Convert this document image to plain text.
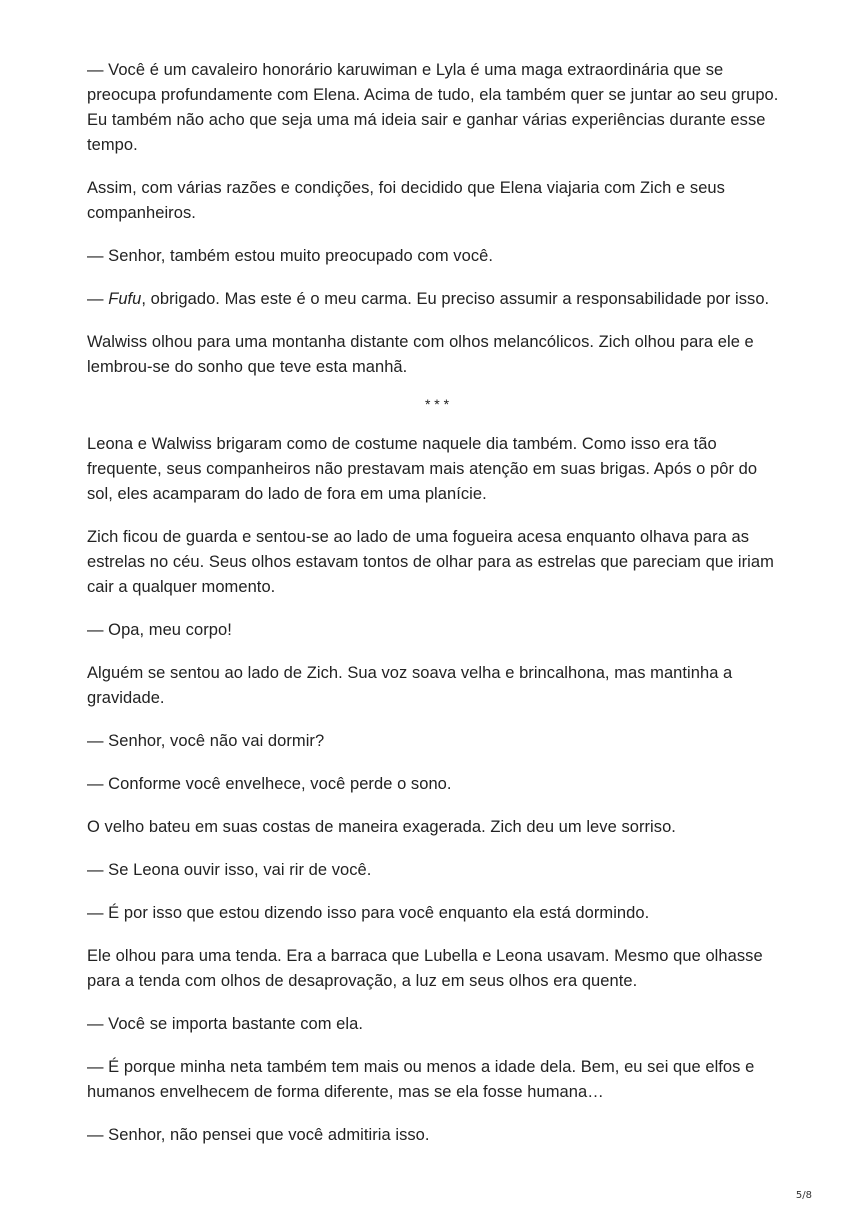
— Você é um cavaleiro honorário karuwiman e Lyla é uma maga extraordinária que se preocupa profundamente com Elena. Acima de tudo, ela também quer se juntar ao seu grupo. Eu também não acho que seja uma má ideia sair e ganhar várias experiências durante esse tempo.

Assim, com várias razões e condições, foi decidido que Elena viajaria com Zich e seus companheiros.

— Senhor, também estou muito preocupado com você.

— Fufu, obrigado. Mas este é o meu carma. Eu preciso assumir a responsabilidade por isso.

Walwiss olhou para uma montanha distante com olhos melancólicos. Zich olhou para ele e lembrou-se do sonho que teve esta manhã.

* * *

Leona e Walwiss brigaram como de costume naquele dia também. Como isso era tão frequente, seus companheiros não prestavam mais atenção em suas brigas. Após o pôr do sol, eles acamparam do lado de fora em uma planície.

Zich ficou de guarda e sentou-se ao lado de uma fogueira acesa enquanto olhava para as estrelas no céu. Seus olhos estavam tontos de olhar para as estrelas que pareciam que iriam cair a qualquer momento.

— Opa, meu corpo!

Alguém se sentou ao lado de Zich. Sua voz soava velha e brincalhona, mas mantinha a gravidade.

— Senhor, você não vai dormir?

— Conforme você envelhece, você perde o sono.

O velho bateu em suas costas de maneira exagerada. Zich deu um leve sorriso.

— Se Leona ouvir isso, vai rir de você.

— É por isso que estou dizendo isso para você enquanto ela está dormindo.

Ele olhou para uma tenda. Era a barraca que Lubella e Leona usavam. Mesmo que olhasse para a tenda com olhos de desaprovação, a luz em seus olhos era quente.

— Você se importa bastante com ela.

— É porque minha neta também tem mais ou menos a idade dela. Bem, eu sei que elfos e humanos envelhecem de forma diferente, mas se ela fosse humana…

— Senhor, não pensei que você admitiria isso.

5/8
